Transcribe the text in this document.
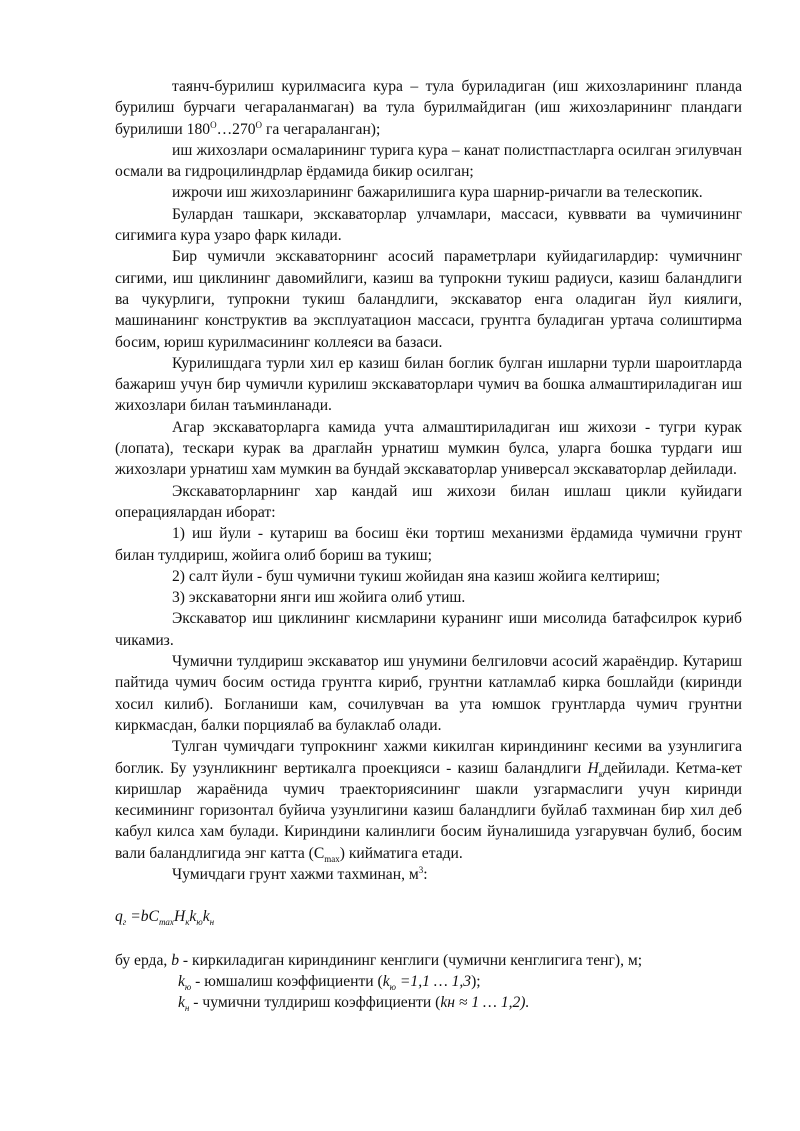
таянч-бурилиш курилмасига кура – тула буриладиган (иш жихозларининг планда бурилиш бурчаги чегараланмаган) ва тула бурилмайдиган (иш жихозларининг пландаги бурилиши $180^O\dots 270^O$ га чегараланган);

иш жихозлари осмаларининг турига кура – канат полистпастларга осилган эгилувчан осмали ва гидроцилиндрлар ёрдамида бикир осилган;

ижрочи иш жихозларининг бажарилишига кура шарнир-ричагли ва телескопик.

Булардан ташкари, экскаваторлар улчамлари, массаси, кувввати ва чумичининг сигимига кура узаро фарк килади.

Бир чумичли экскаваторнинг асосий параметрлари куйидагилардир: чумичнинг сигими, иш циклининг давомийлиги, казиш ва тупрокни тукиш радиуси, казиш баландлиги ва чукурлиги, тупрокни тукиш баландлиги, экскаватор енга оладиган йул киялиги, машинанинг конструктив ва эксплуатацион массаси, грунтга буладиган уртача солиштирма босим, юриш курилмасининг коллеяси ва базаси.

Курилишдага турли хил ер казиш билан боглик булган ишларни турли шароитларда бажариш учун бир чумичли курилиш экскаваторлари чумич ва бошка алмаштириладиган иш жихозлари билан таъминланади.

Агар экскаваторларга камида учта алмаштириладиган иш жихози - тугри курак (лопата), тескари курак ва драглайн урнатиш мумкин булса, уларга бошка турдаги иш жихозлари урнатиш хам мумкин ва бундай экскаваторлар универсал экскаваторлар дейилади.

Экскаваторларнинг хар кандай иш жихози билан ишлаш цикли куйидаги операциялардан иборат:

1) иш йули - кутариш ва босиш ёки тортиш механизми ёрдамида чумични грунт билан тулдириш, жойига олиб бориш ва тукиш;

2) салт йули - буш чумични тукиш жойидан яна казиш жойига келтириш;

3) экскаваторни янги иш жойига олиб утиш.

Экскаватор иш циклининг кисмларини куранинг иши мисолида батафсилрок куриб чикамиз.

Чумични тулдириш экскаватор иш унумини белгиловчи асосий жараёндир. Кутариш пайтида чумич босим остида грунтга кириб, грунтни катламлаб кирка бошлайди (киринди хосил килиб). Богланиши кам, сочилувчан ва ута юмшок грунтларда чумич грунтни киркмасдан, балки порциялаб ва булаклаб олади.

Тулган чумичдаги тупрокнинг хажми кикилган кириндининг кесими ва узунлигига боглик. Бу узунликнинг вертикалга проекцияси - казиш баландлиги $H_кдейилади$. Кетма-кет киришлар жараёнида чумич траекториясининг шакли узгармаслиги учун киринди кесимининг горизонтал буйича узунлигини казиш баландлиги буйлаб тахминан бир хил деб кабул килса хам булади. Кириндини калинлиги босим йуналишида узгарувчан булиб, босим вали баландлигида энг катта $(C_{max})$ кийматига етади.

Чумичдаги грунт хажми тахминан, $м^3$:

$q_г =bC_{max}H_кk_юk_н$

бу ерда, b - киркиладиган кириндининг кенглиги (чумични кенглигига тенг), м;

$k_ю$ - юмшалиш коэффициенти ($k_ю =1,1$ … 1,3);

$k_н$ - чумични тулдириш коэффициенти (kн ≈ 1 … 1,2).
